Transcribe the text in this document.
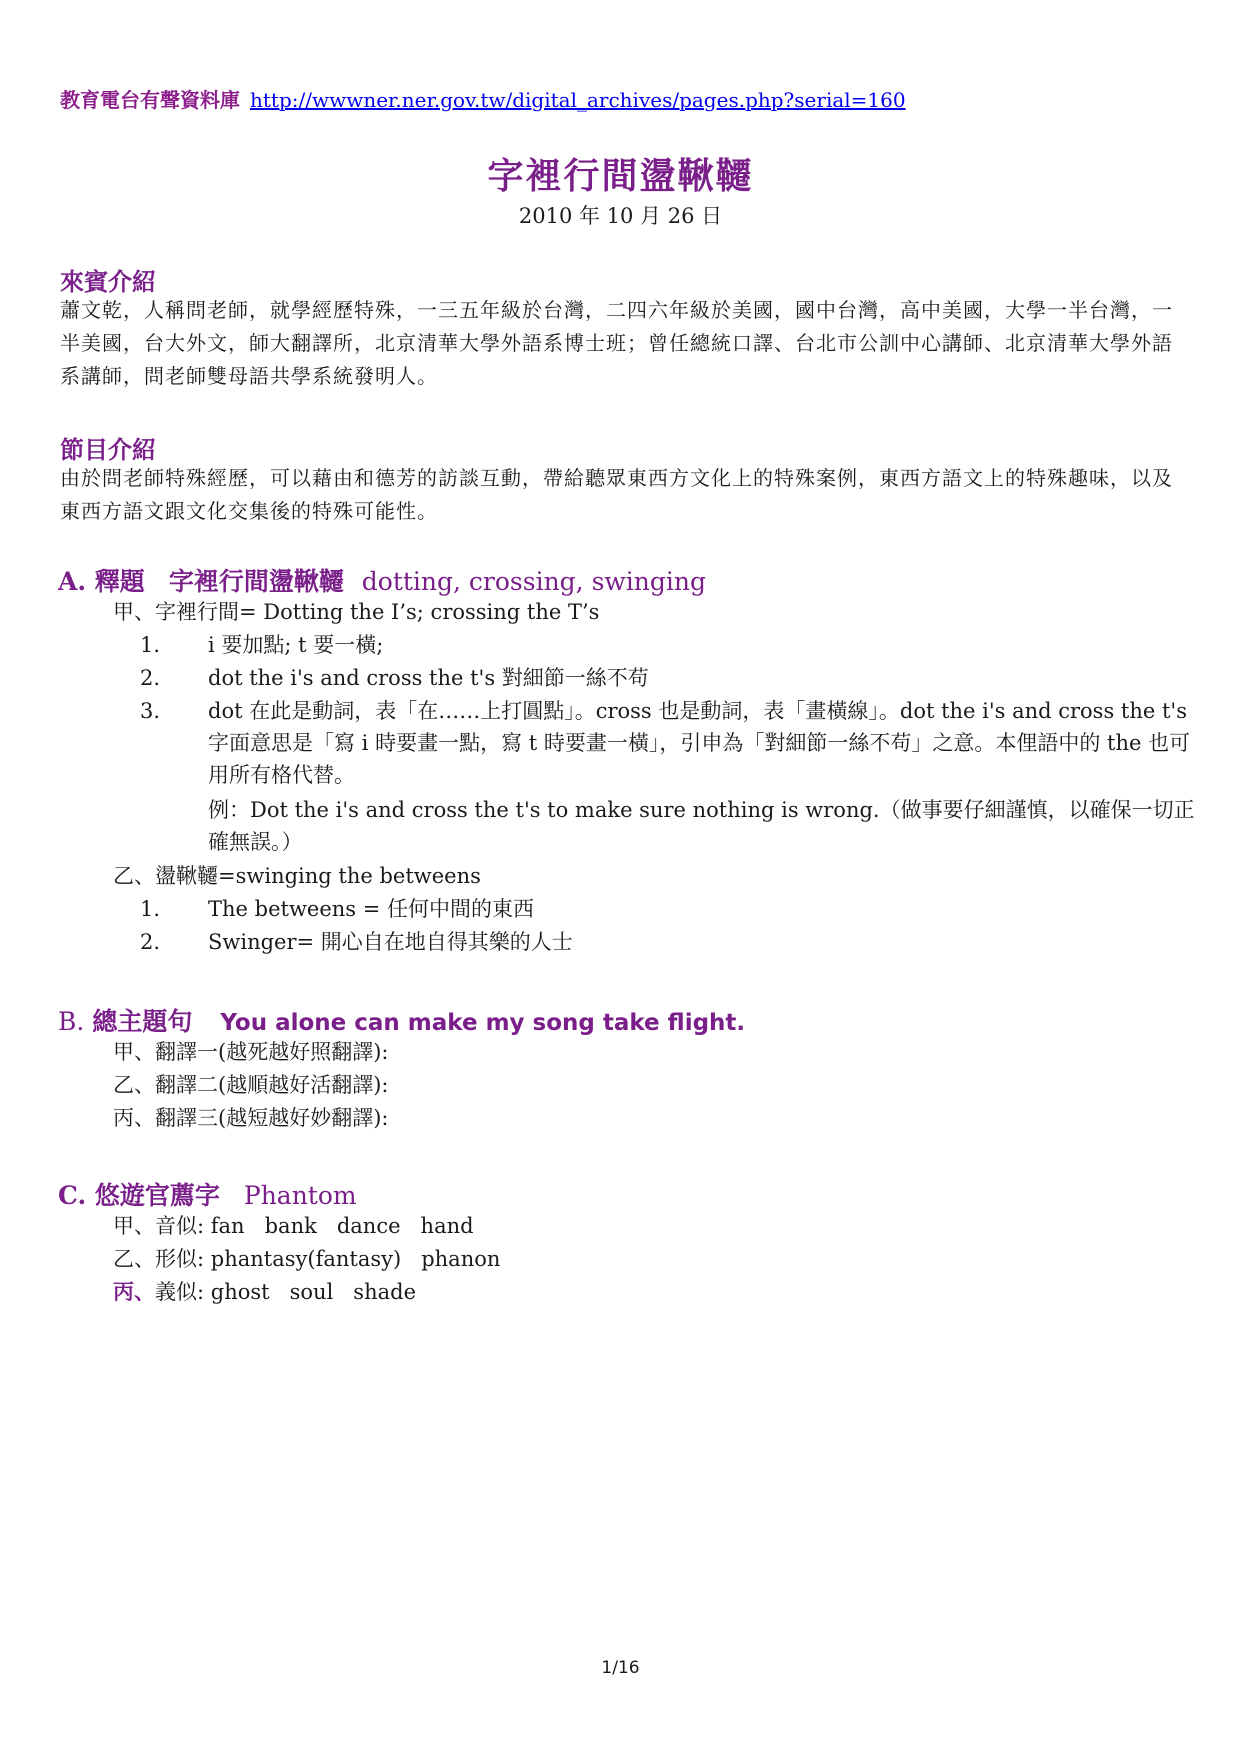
教育電台有聲資料庫 http://wwwner.ner.gov.tw/digital_archives/pages.php?serial=160
字裡行間盪鞦韆
2010 年 10 月 26 日
來賓介紹
蕭文乾，人稱問老師，就學經歷特殊，一三五年級於台灣，二四六年級於美國，國中台灣，高中美國，大學一半台灣，一半美國，台大外文，師大翻譯所，北京清華大學外語系博士班；曾任總統口譯、台北市公訓中心講師、北京清華大學外語系講師，問老師雙母語共學系統發明人。
節目介紹
由於問老師特殊經歷，可以藉由和德芳的訪談互動，帶給聽眾東西方文化上的特殊案例，東西方語文上的特殊趣味，以及東西方語文跟文化交集後的特殊可能性。
A. 釋題 字裡行間盪鞦韆 dotting, crossing, swinging
甲、字裡行間= Dotting the I’s; crossing the T’s
1. i 要加點; t 要一橫;
2. dot the i's and cross the t's 對細節一絲不苟
3. dot 在此是動詞，表「在……上打圓點」。cross 也是動詞，表「畫橫線」。dot the i's and cross the t's 字面意思是「寫 i 時要畫一點，寫 t 時要畫一橫」，引申為「對細節一絲不苟」之意。本俚語中的 the 也可用所有格代替。
例：Dot the i's and cross the t's to make sure nothing is wrong.（做事要仔細謹慎，以確保一切正確無誤。）
乙、盪鞦韆=swinging the betweens
1. The betweens = 任何中間的東西
2. Swinger= 開心自在地自得其樂的人士
B. 總主題句 You alone can make my song take flight.
甲、翻譯一(越死越好照翻譯):
乙、翻譯二(越順越好活翻譯):
丙、翻譯三(越短越好妙翻譯):
C. 悠遊官薦字 Phantom
甲、音似: fan   bank   dance   hand
乙、形似: phantasy(fantasy)   phanon
丙、義似: ghost   soul   shade
1/16
